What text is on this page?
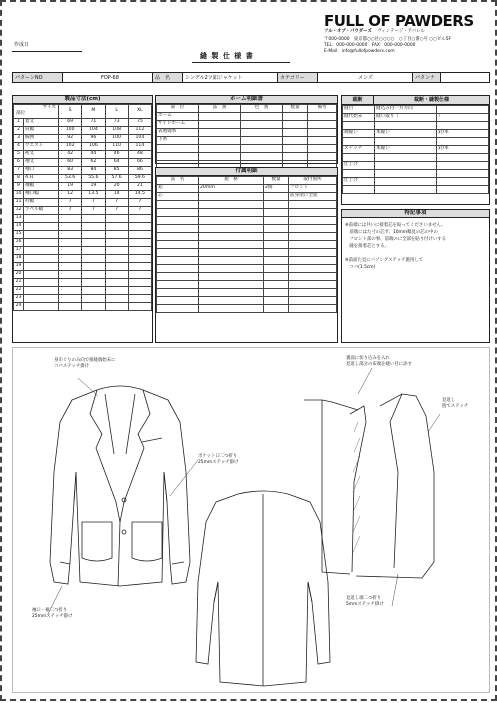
FULL OF PAWDERS
フル・オブ・パウダーズ ヴィンテージ・アパレル
〒000-0000　東京都○○区○○○○　○丁目○番○号 ○○ビル5F
TEL：000-000-0000　FAX：000-000-0000
E-Mail：info@fullofpowders.com
作成日
縫 製 仕 様 書
パターンNO	FOP-68	品　名	シングル2ツ釦ジャケット	カテゴリー	メンズ	パタンナー
製品寸法(cm)
サイズ
部位		S	M	L	XL
1	着丈	69	71	73	75
2	肩幅	100	104	108	112
3	胸囲	92	96	100	104
4	ウエスト	102	106	110	114
5	裄丈	42	44	46	48
6	袖丈	60	62	64	66
7	袖口	83	84	85	86
8	A.H.	53.6	55.6	57.6	59.6
9	袖幅	19	19	20	21
10	袖口幅	12	13.5	14	14.5
11	衿幅	7	7	7	7
12	ラペル幅	7	7	7	7
13					
14					
15					
16					
17					
18					
19					
20					
21					
22					
23					
24					
ホーム明細書
部　位	品　番	色　番	数量	備考
ホーム				
サイドホーム				
表地縫糸				
下糸				

付属明細
品　名	規　格	数量	取付箇所
釦	20mm	2個	フロント
芯			前身頃に全面

裁断	裁断・縫製仕様
縫目	縫込み付一方方向	
縫代始末	縫い取り（	）

端縫い	本縫い	針/本

ステッチ	本縫い	針/本

仕上げ		

仕上げ		

特記事項
※前端には共いに接着芯を貼ってくださいません。
　前端にはた寸の芯ず、10mm幅見の芯の中の
　フロント部の事、前端のに全部を貼り付けいする
　縫を接着芯とする。
※前面た見にパソングステッチ施用して
　コバ(1.5cm)
身巾ぐりのみ向で接縫端始末に
コバステッチ掛け
ポケット口二つ折り
25mmステッチ掛け
袖口・裾二つ折り
25mmステッチ掛け
裏面に切り込みを入れ
見返し部分の布端を縫い目に添す
見返し
捨てステッチ
見返し端二つ折り
5mmステッチ掛け
